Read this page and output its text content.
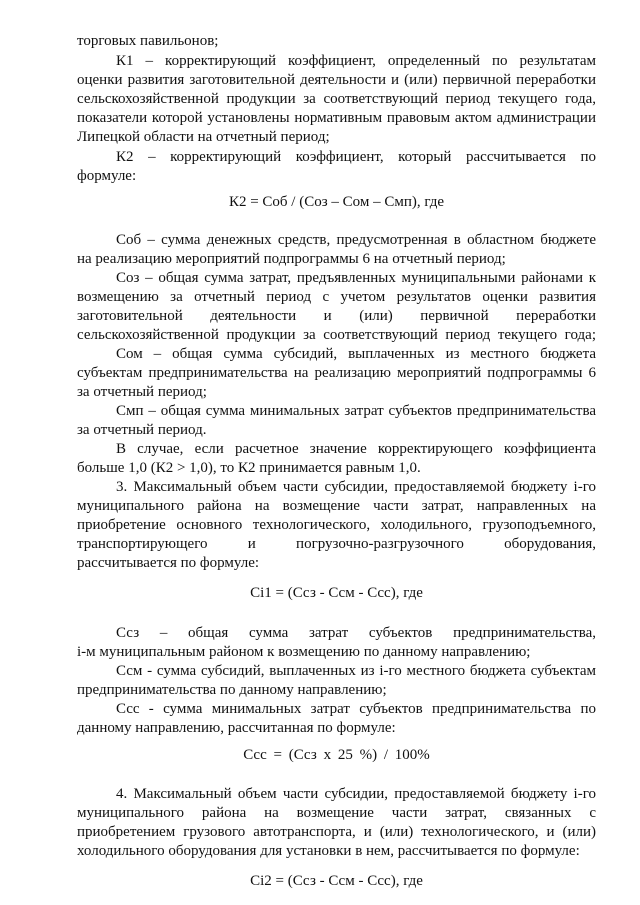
торговых павильонов;
К1 – корректирующий коэффициент, определенный по результатам
оценки развития заготовительной деятельности и (или) первичной переработки
сельскохозяйственной продукции за соответствующий период текущего года,
показатели которой установлены нормативным правовым актом администрации
Липецкой области на отчетный период;
К2 – корректирующий коэффициент, который рассчитывается по
формуле:
К2 = Соб / (Соз – Сом – Смп), где
Соб – сумма денежных средств, предусмотренная в областном бюджете
на реализацию мероприятий подпрограммы 6 на отчетный период;
Соз – общая сумма затрат, предъявленных муниципальными районами к
возмещению за отчетный период с учетом результатов оценки развития
заготовительной деятельности и (или) первичной переработки
сельскохозяйственной продукции за соответствующий период текущего года;
Сом – общая сумма субсидий, выплаченных из местного бюджета
субъектам предпринимательства на реализацию мероприятий подпрограммы 6
за отчетный период;
Смп – общая сумма минимальных затрат субъектов предпринимательства
за отчетный период.
В случае, если расчетное значение корректирующего коэффициента
больше 1,0 (К2 > 1,0), то К2 принимается равным 1,0.
3. Максимальный объем части субсидии, предоставляемой бюджету i-го
муниципального района на возмещение части затрат, направленных на
приобретение основного технологического, холодильного, грузоподъемного,
транспортирующего и погрузочно-разгрузочного оборудования,
рассчитывается по формуле:
Сi1 = (Ссз - Ссм - Ссс), где
Ссз – общая сумма затрат субъектов предпринимательства,
i-м муниципальным районом к возмещению по данному направлению;
Ссм - сумма субсидий, выплаченных из i-го местного бюджета субъектам
предпринимательства по данному направлению;
Ссс - сумма минимальных затрат субъектов предпринимательства по
данному направлению, рассчитанная по формуле:
Ссс = (Ссз х 25 %) / 100%
4. Максимальный объем части субсидии, предоставляемой бюджету i-го
муниципального района на возмещение части затрат, связанных с
приобретением грузового автотранспорта, и (или) технологического, и (или)
холодильного оборудования для установки в нем, рассчитывается по формуле:
Сi2 = (Ссз - Ссм - Ссс), где
